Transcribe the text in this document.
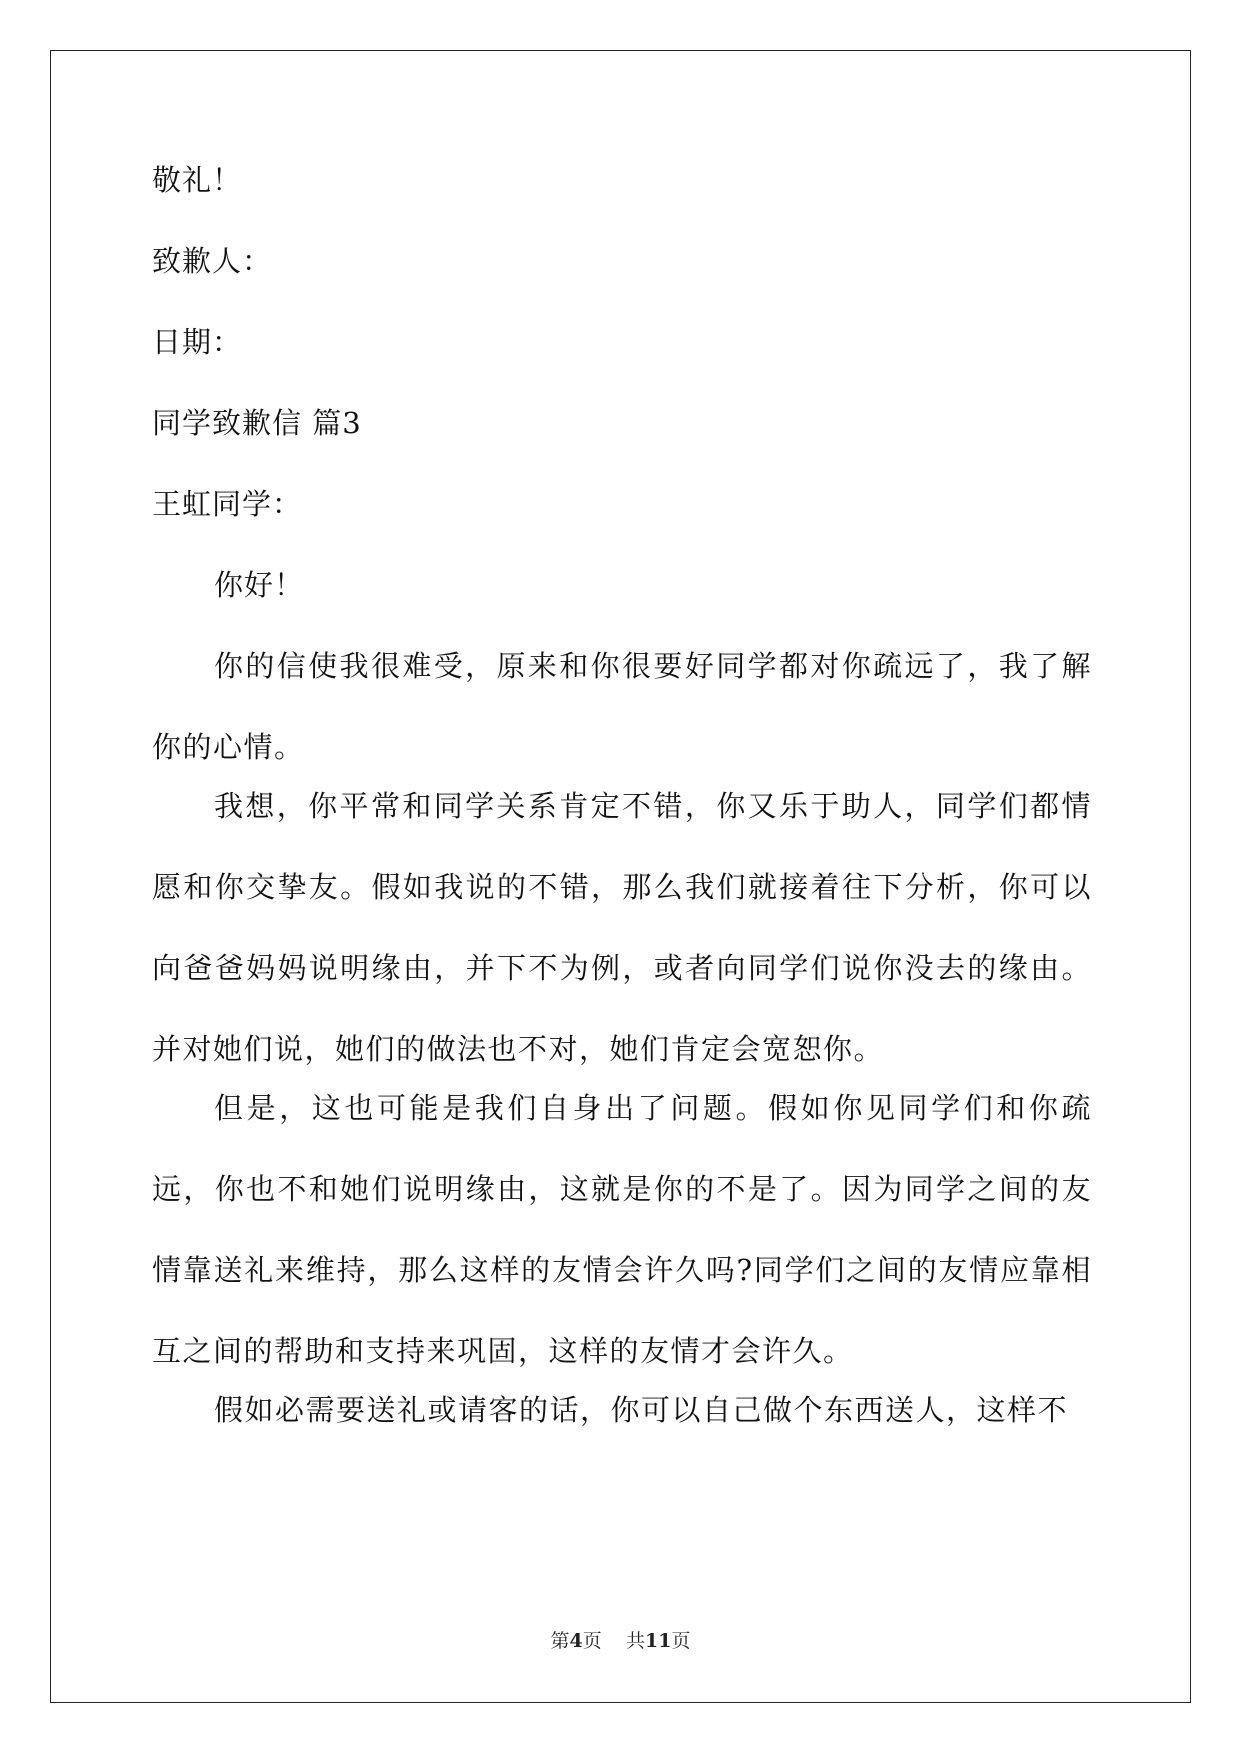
敬礼！
致歉人：
日期：
同学致歉信 篇3
王虹同学：
你好！

你的信使我很难受，原来和你很要好同学都对你疏远了，我了解你的心情。

我想，你平常和同学关系肯定不错，你又乐于助人，同学们都情愿和你交挚友。假如我说的不错，那么我们就接着往下分析，你可以向爸爸妈妈说明缘由，并下不为例，或者向同学们说你没去的缘由。并对她们说，她们的做法也不对，她们肯定会宽恕你。

但是，这也可能是我们自身出了问题。假如你见同学们和你疏远，你也不和她们说明缘由，这就是你的不是了。因为同学之间的友情靠送礼来维持，那么这样的友情会许久吗?同学们之间的友情应靠相互之间的帮助和支持来巩固，这样的友情才会许久。

假如必需要送礼或请客的话，你可以自己做个东西送人，这样不

第4页 共11页
